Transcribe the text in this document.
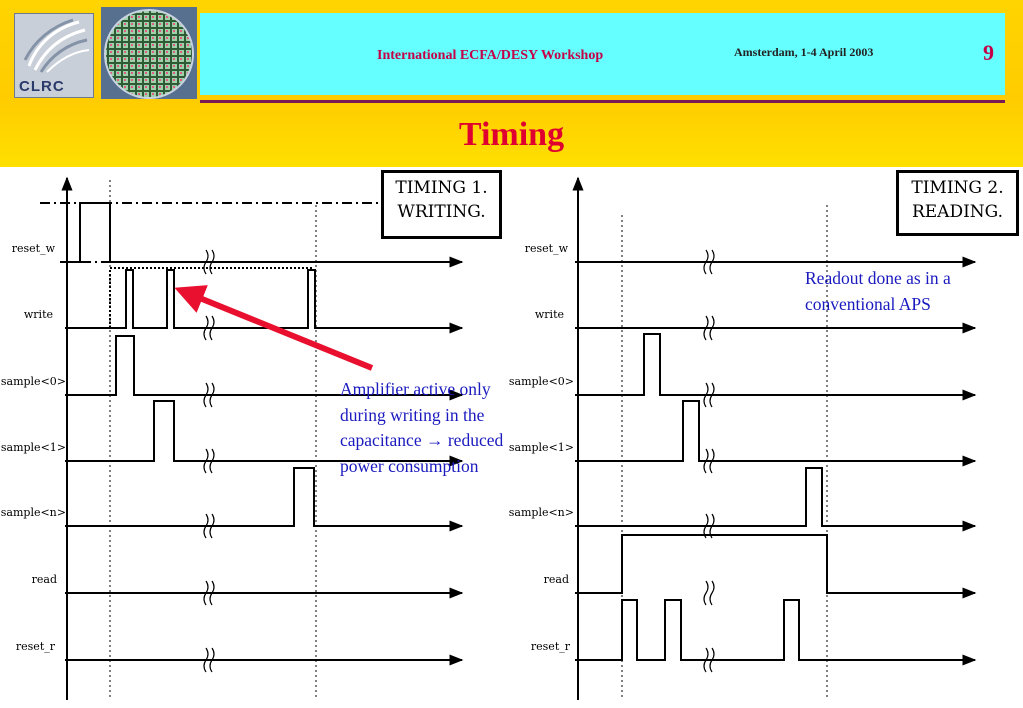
CLRC
International ECFA/DESY Workshop	Amsterdam, 1-4 April 2003	9
Timing
reset_w
write
sample<0>
sample<1>
sample<n>
read
reset_r
reset_w
write
sample<0>
sample<1>
sample<n>
read
reset_r
TIMING 1.
WRITING.
TIMING 2.
READING.
Amplifier active only during writing in the capacitance → reduced power consumption
Readout done as in a conventional APS
